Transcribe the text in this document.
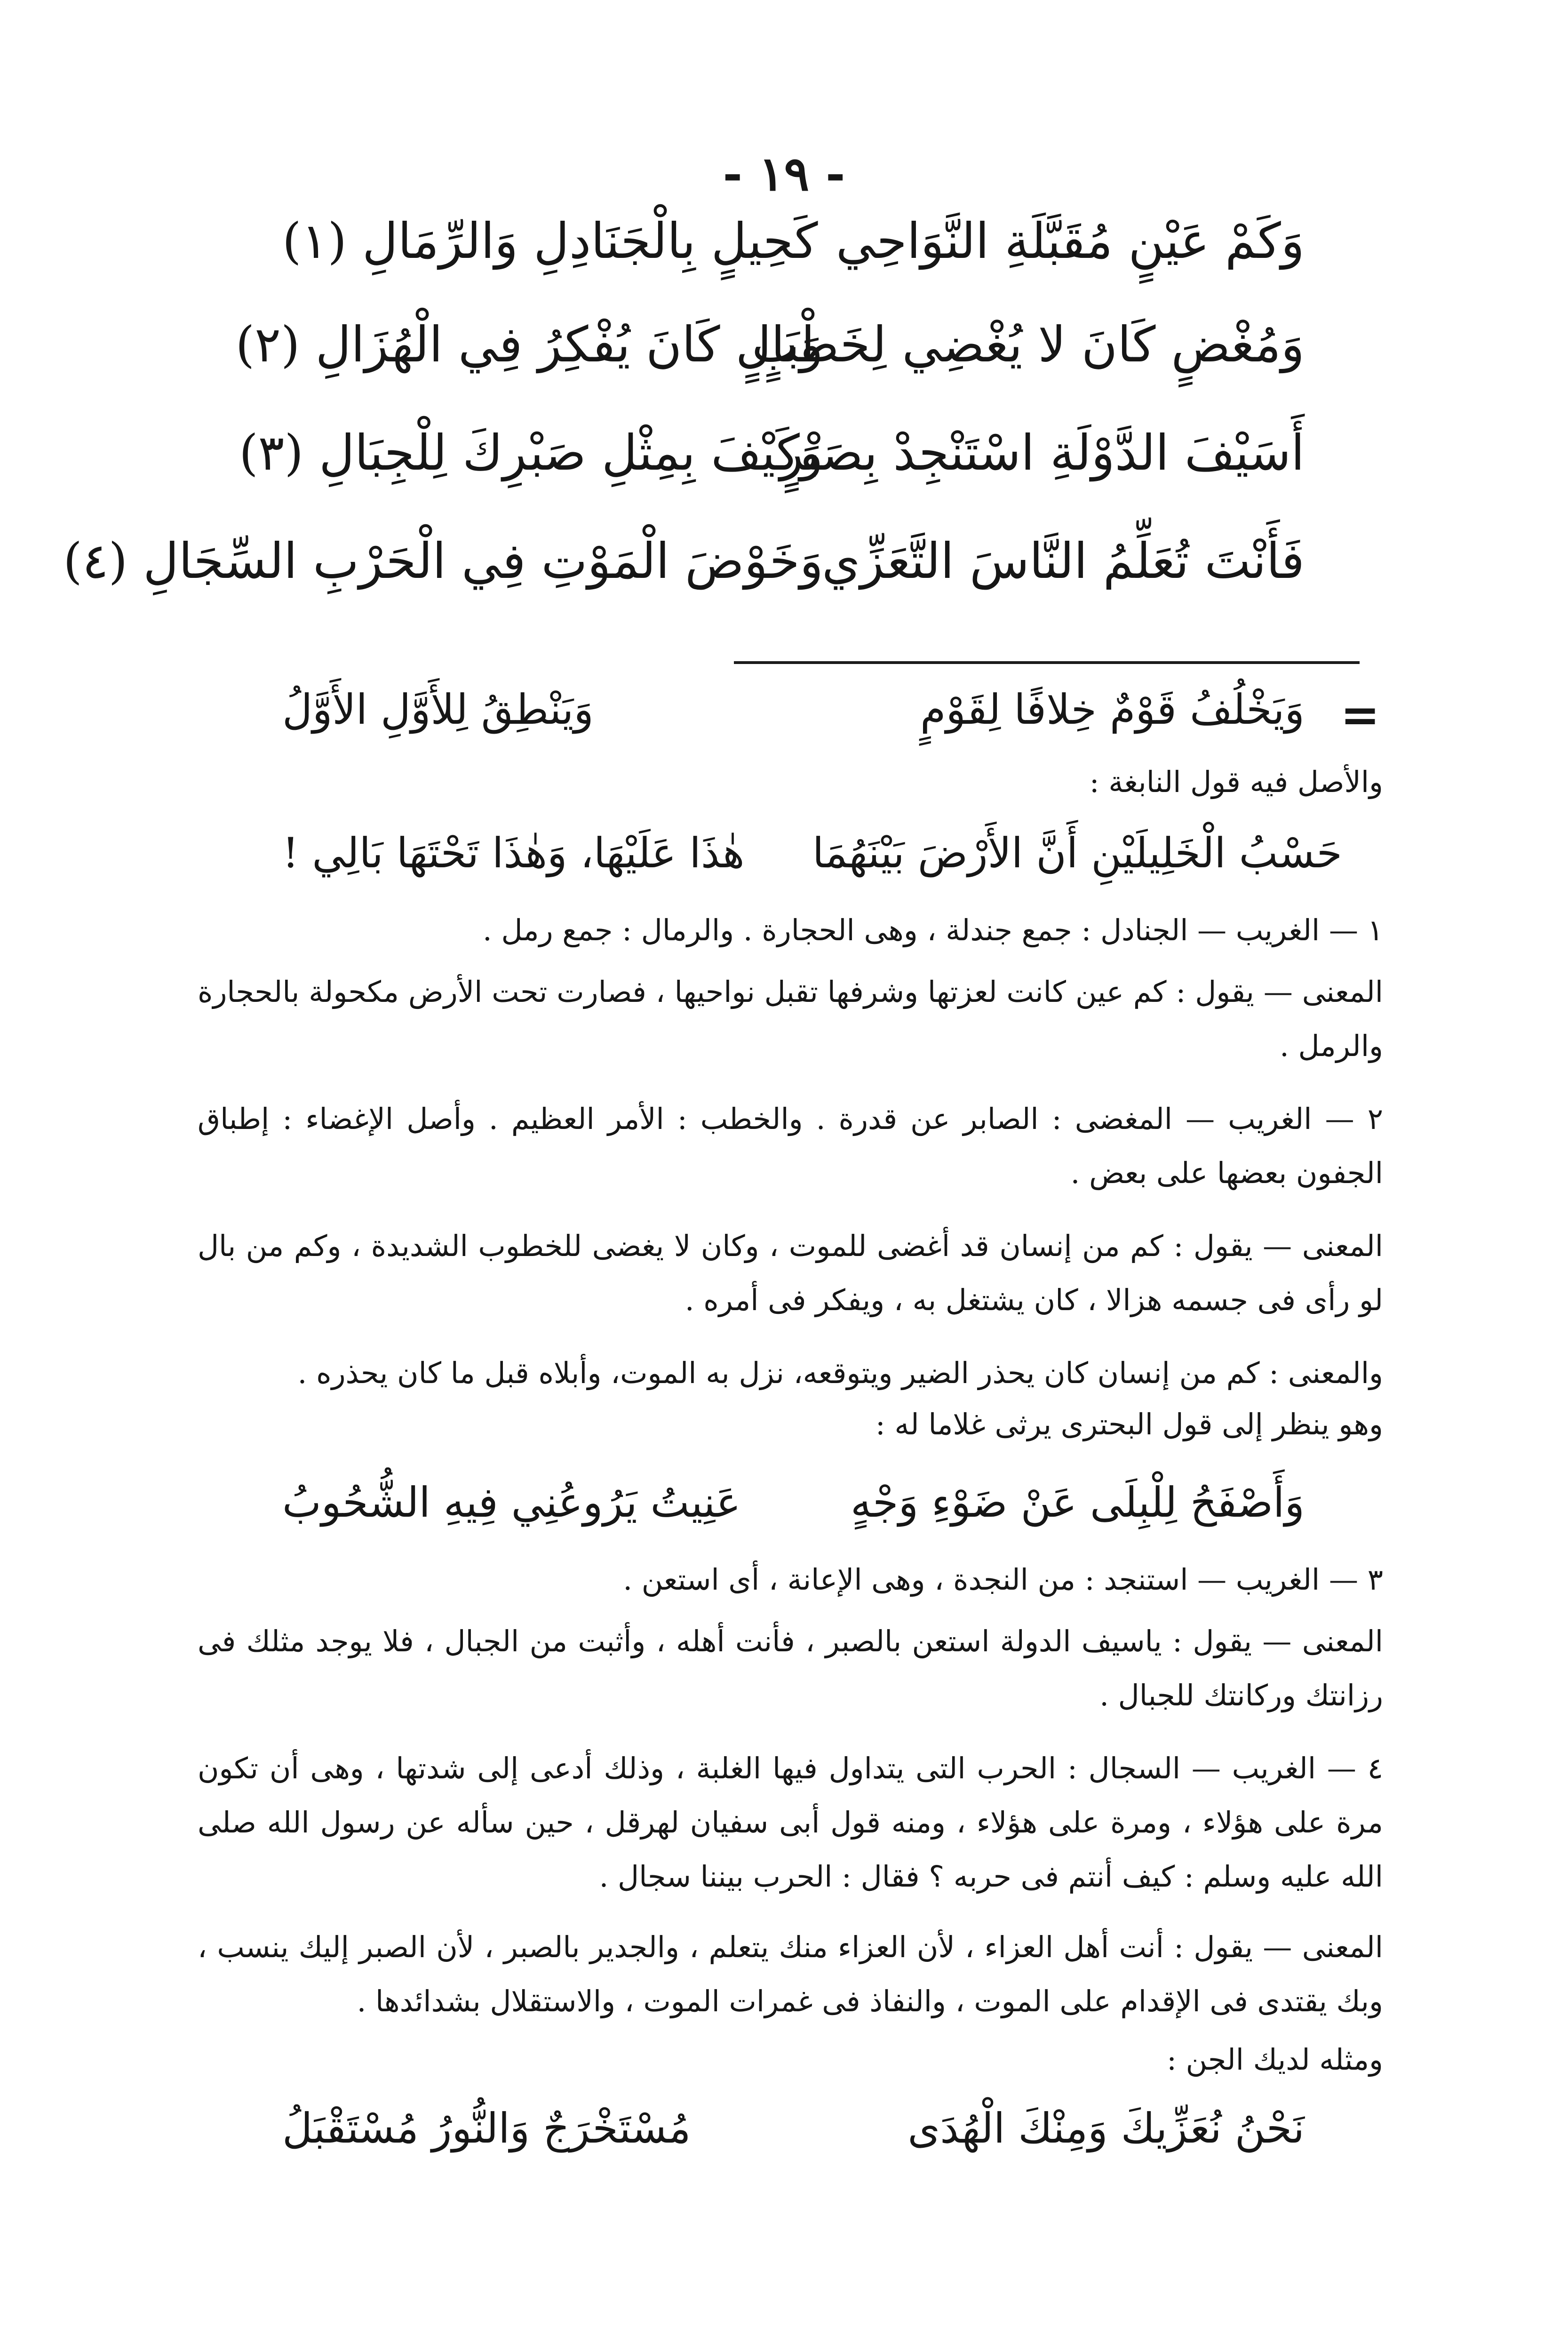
- ١٩ -
وَكَمْ عَيْنٍ مُقَبَّلَةِ النَّوَاحِي
كَحِيلٍ بِالْجَنَادِلِ وَالرِّمَالِ (١)
وَمُغْضٍ كَانَ لا يُغْضِي لِخَطْبٍ
وَبَالٍ كَانَ يُفْكِرُ فِي الْهُزَالِ (٢)
أَسَيْفَ الدَّوْلَةِ اسْتَنْجِدْ بِصَبْرٍ
وَكَيْفَ بِمِثْلِ صَبْرِكَ لِلْجِبَالِ (٣)
فَأَنْتَ تُعَلِّمُ النَّاسَ التَّعَزِّي
وَخَوْضَ الْمَوْتِ فِي الْحَرْبِ السِّجَالِ (٤)
=
وَيَخْلُفُ قَوْمٌ خِلافًا لِقَوْمٍ
وَيَنْطِقُ لِلأَوَّلِ الأَوَّلُ
والأصل فيه قول النابغة :
حَسْبُ الْخَلِيلَيْنِ أَنَّ الأَرْضَ بَيْنَهُمَا
هٰذَا عَلَيْهَا، وَهٰذَا تَحْتَهَا بَالِي !
١ — الغريب — الجنادل : جمع جندلة ، وهى الحجارة . والرمال : جمع رمل .
المعنى — يقول : كم عين كانت لعزتها وشرفها تقبل نواحيها ، فصارت تحت الأرض مكحولة بالحجارة والرمل .
٢ — الغريب — المغضى : الصابر عن قدرة . والخطب : الأمر العظيم . وأصل الإغضاء : إطباق الجفون بعضها على بعض .
المعنى — يقول : كم من إنسان قد أغضى للموت ، وكان لا يغضى للخطوب الشديدة ، وكم من بال لو رأى فى جسمه هزالا ، كان يشتغل به ، ويفكر فى أمره .
والمعنى : كم من إنسان كان يحذر الضير ويتوقعه، نزل به الموت، وأبلاه قبل ما كان يحذره .
وهو ينظر إلى قول البحترى يرثى غلاما له :
وَأَصْفَحُ لِلْبِلَى عَنْ ضَوْءِ وَجْهٍ
عَنِيتُ يَرُوعُنِي فِيهِ الشُّحُوبُ
٣ — الغريب — استنجد : من النجدة ، وهى الإعانة ، أى استعن .
المعنى — يقول : ياسيف الدولة استعن بالصبر ، فأنت أهله ، وأثبت من الجبال ، فلا يوجد مثلك فى رزانتك وركانتك للجبال .
٤ — الغريب — السجال : الحرب التى يتداول فيها الغلبة ، وذلك أدعى إلى شدتها ، وهى أن تكون مرة على هؤلاء ، ومرة على هؤلاء ، ومنه قول أبى سفيان لهرقل ، حين سأله عن رسول الله صلى الله عليه وسلم : كيف أنتم فى حربه ؟ فقال : الحرب بيننا سجال .
المعنى — يقول : أنت أهل العزاء ، لأن العزاء منك يتعلم ، والجدير بالصبر ، لأن الصبر إليك ينسب ، وبك يقتدى فى الإقدام على الموت ، والنفاذ فى غمرات الموت ، والاستقلال بشدائدها .
ومثله لديك الجن :
نَحْنُ نُعَزِّيكَ وَمِنْكَ الْهُدَى
مُسْتَخْرَجٌ وَالنُّورُ مُسْتَقْبَلُ
